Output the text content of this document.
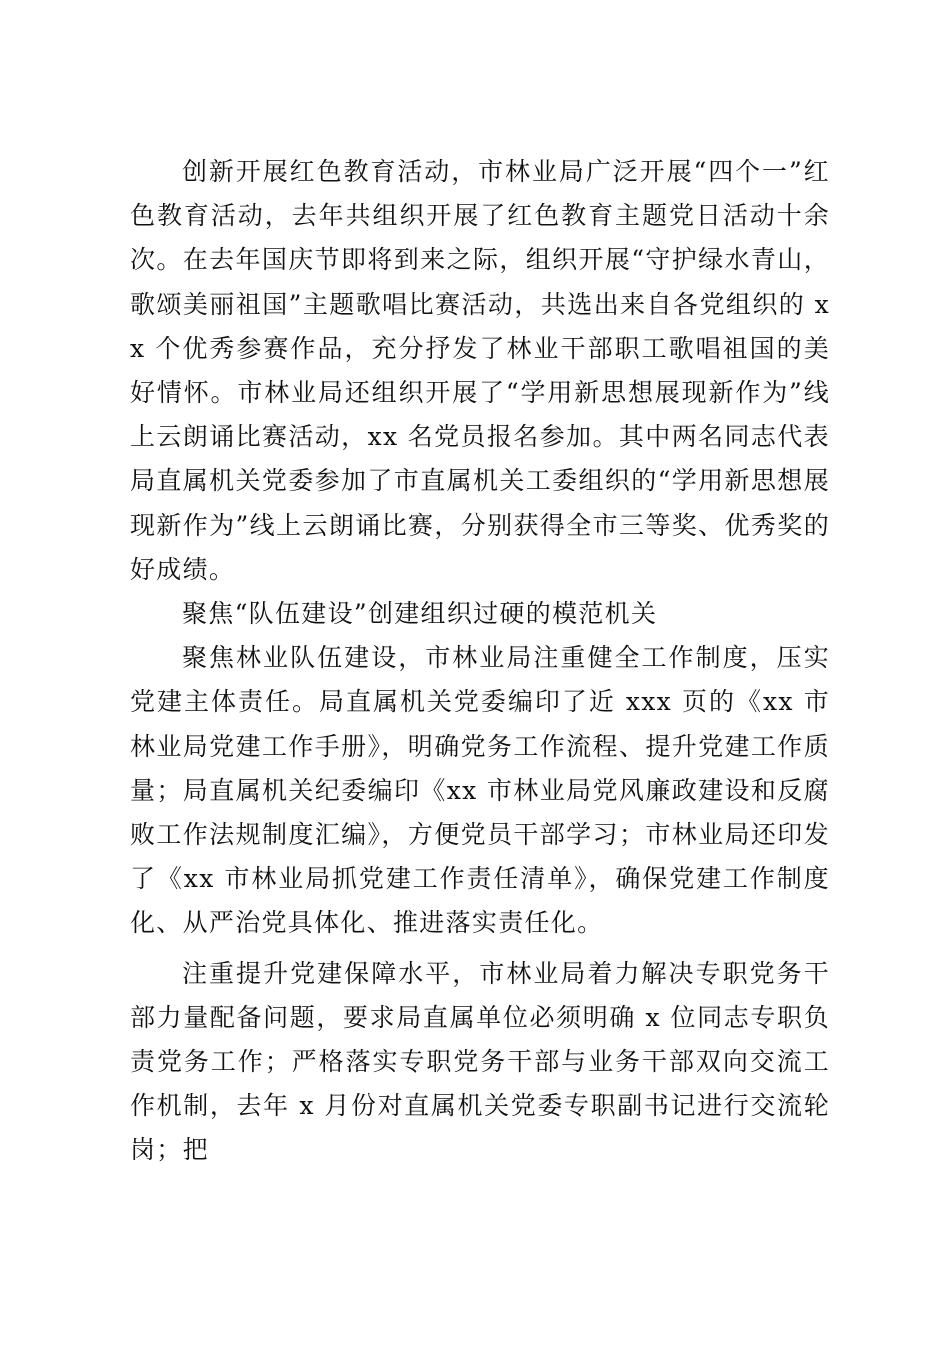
创新开展红色教育活动，市林业局广泛开展“四个一”红色教育活动，去年共组织开展了红色教育主题党日活动十余次。在去年国庆节即将到来之际，组织开展“守护绿水青山，歌颂美丽祖国”主题歌唱比赛活动，共选出来自各党组织的 xx 个优秀参赛作品，充分抒发了林业干部职工歌唱祖国的美好情怀。市林业局还组织开展了“学用新思想展现新作为”线上云朗诵比赛活动，xx 名党员报名参加。其中两名同志代表局直属机关党委参加了市直属机关工委组织的“学用新思想展现新作为”线上云朗诵比赛，分别获得全市三等奖、优秀奖的好成绩。

聚焦“队伍建设”创建组织过硬的模范机关

聚焦林业队伍建设，市林业局注重健全工作制度，压实党建主体责任。局直属机关党委编印了近 xxx 页的《xx 市林业局党建工作手册》，明确党务工作流程、提升党建工作质量；局直属机关纪委编印《xx 市林业局党风廉政建设和反腐败工作法规制度汇编》，方便党员干部学习；市林业局还印发了《xx 市林业局抓党建工作责任清单》，确保党建工作制度化、从严治党具体化、推进落实责任化。

注重提升党建保障水平，市林业局着力解决专职党务干部力量配备问题，要求局直属单位必须明确 x 位同志专职负责党务工作；严格落实专职党务干部与业务干部双向交流工作机制，去年 x 月份对直属机关党委专职副书记进行交流轮岗；把
